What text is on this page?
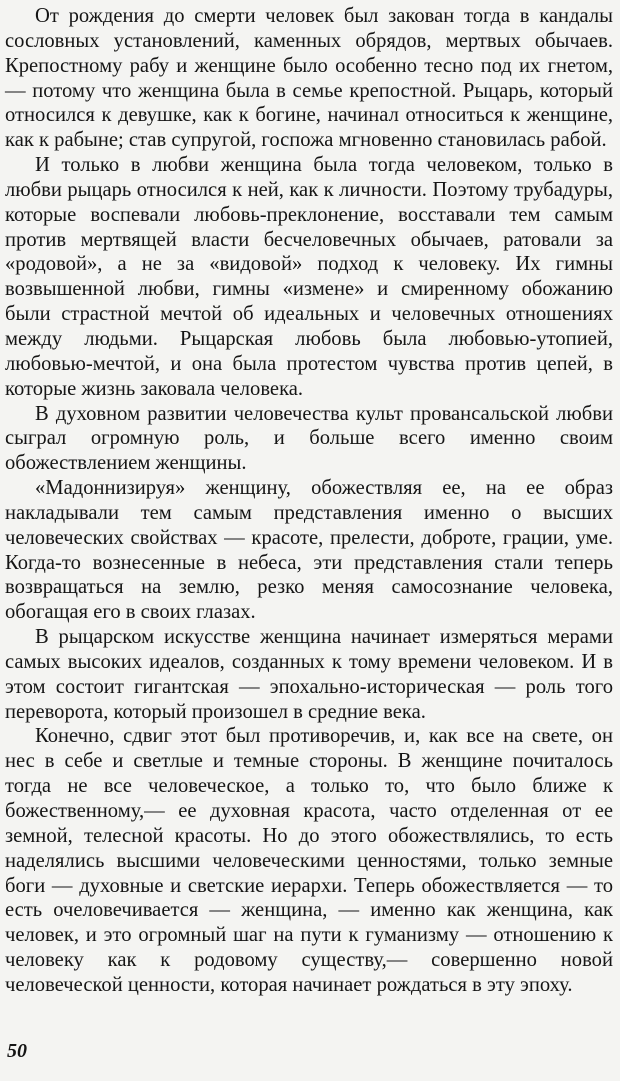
От рождения до смерти человек был закован тогда в кандалы сословных установлений, каменных обрядов, мертвых обычаев. Крепостному рабу и женщине было особенно тесно под их гнетом, — потому что женщина была в семье крепостной. Рыцарь, который относился к девушке, как к богине, начинал относиться к женщине, как к рабыне; став супругой, госпожа мгновенно становилась рабой.

И только в любви женщина была тогда человеком, только в любви рыцарь относился к ней, как к личности. Поэтому трубадуры, которые воспевали любовь-преклонение, восставали тем самым против мертвящей власти бесчеловечных обычаев, ратовали за «родовой», а не за «видовой» подход к человеку. Их гимны возвышенной любви, гимны «измене» и смиренному обожанию были страстной мечтой об идеальных и человечных отношениях между людьми. Рыцарская любовь была любовью-утопией, любовью-мечтой, и она была протестом чувства против цепей, в которые жизнь заковала человека.

В духовном развитии человечества культ провансальской любви сыграл огромную роль, и больше всего именно своим обожествлением женщины.

«Мадоннизируя» женщину, обожествляя ее, на ее образ накладывали тем самым представления именно о высших человеческих свойствах — красоте, прелести, доброте, грации, уме. Когда-то вознесенные в небеса, эти представления стали теперь возвращаться на землю, резко меняя самосознание человека, обогащая его в своих глазах.

В рыцарском искусстве женщина начинает измеряться мерами самых высоких идеалов, созданных к тому времени человеком. И в этом состоит гигантская — эпохально-историческая — роль того переворота, который произошел в средние века.

Конечно, сдвиг этот был противоречив, и, как все на свете, он нес в себе и светлые и темные стороны. В женщине почиталось тогда не все человеческое, а только то, что было ближе к божественному,— ее духовная красота, часто отделенная от ее земной, телесной красоты. Но до этого обожествлялись, то есть наделялись высшими человеческими ценностями, только земные боги — духовные и светские иерархи. Теперь обожествляется — то есть очеловечивается — женщина, — именно как женщина, как человек, и это огромный шаг на пути к гуманизму — отношению к человеку как к родовому существу,— совершенно новой человеческой ценности, которая начинает рождаться в эту эпоху.

50
